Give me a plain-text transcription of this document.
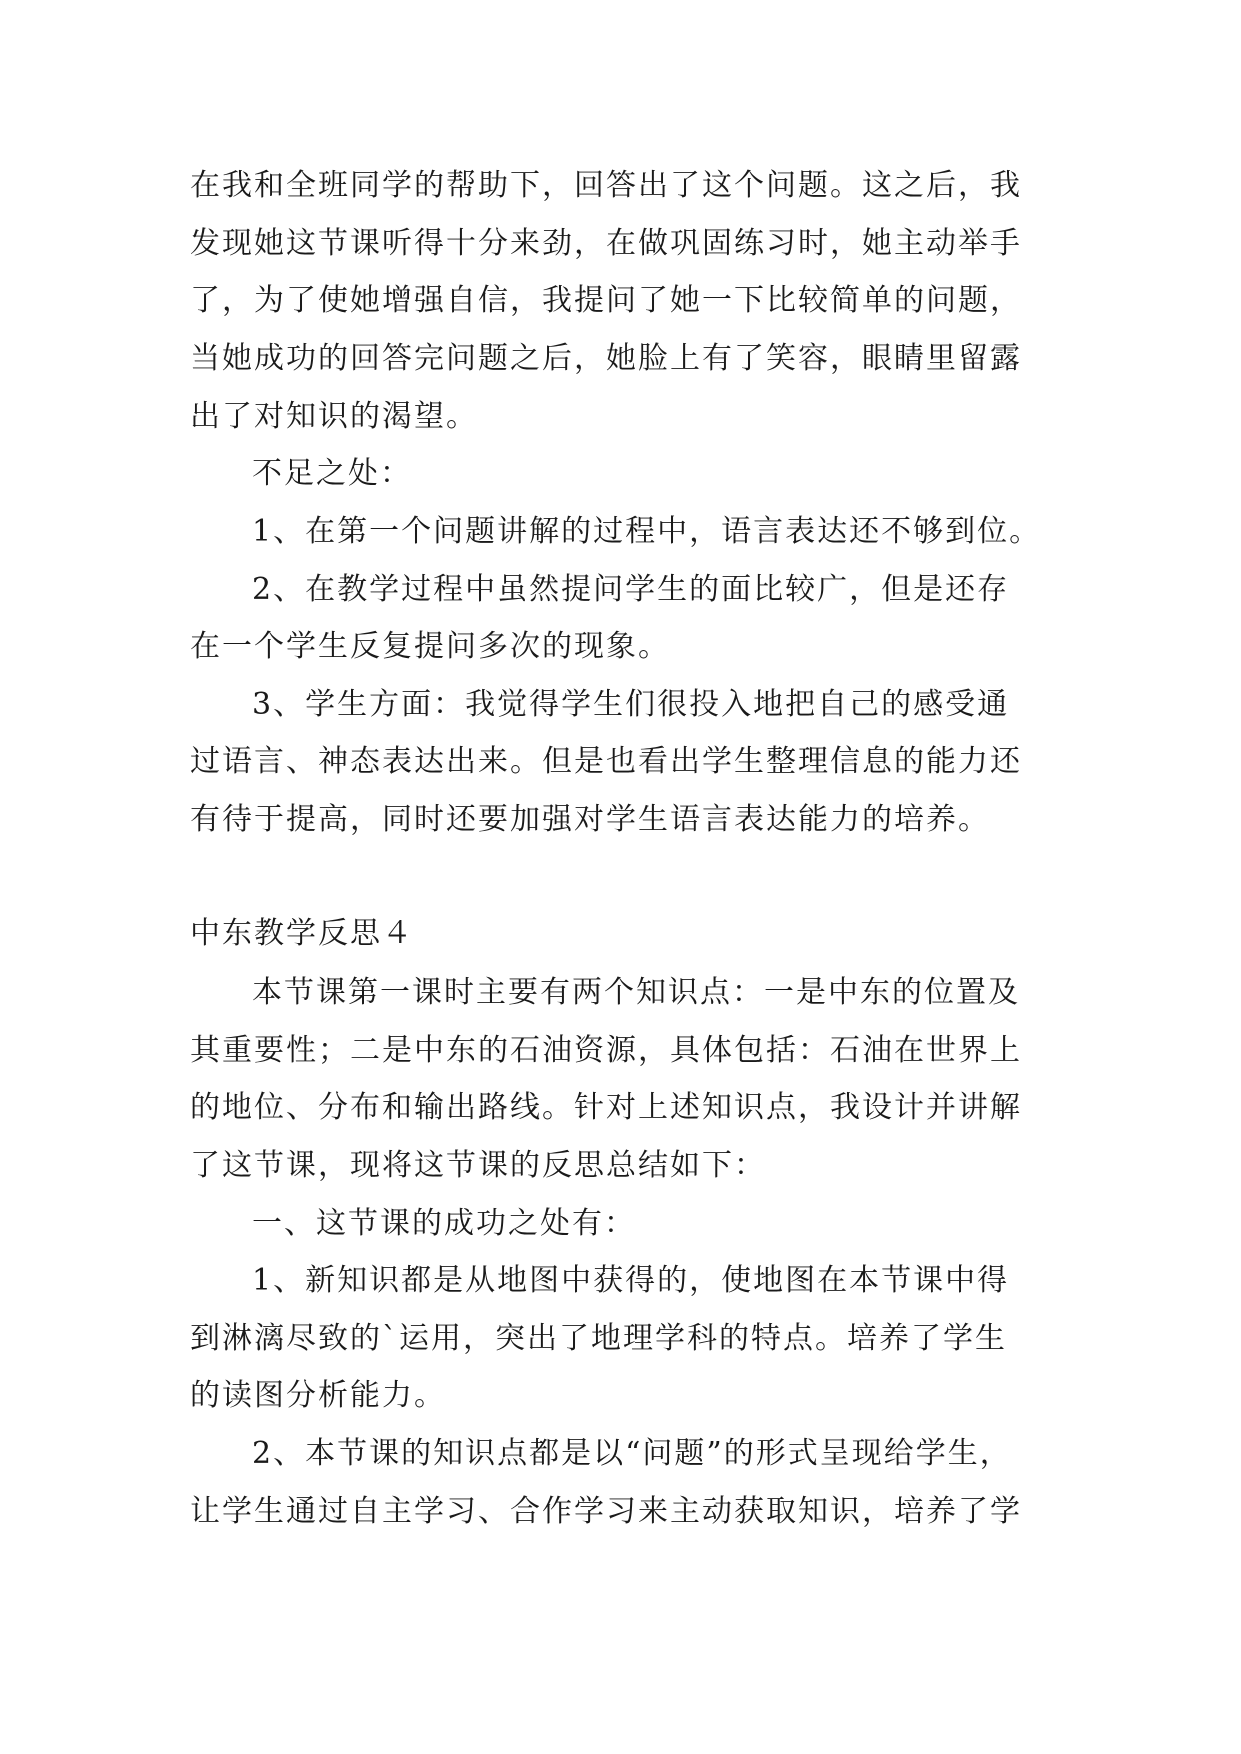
在我和全班同学的帮助下，回答出了这个问题。这之后，我
发现她这节课听得十分来劲，在做巩固练习时，她主动举手
了，为了使她增强自信，我提问了她一下比较简单的问题，
当她成功的回答完问题之后，她脸上有了笑容，眼睛里留露
出了对知识的渴望。
不足之处：
1、在第一个问题讲解的过程中，语言表达还不够到位。
2、在教学过程中虽然提问学生的面比较广，但是还存
在一个学生反复提问多次的现象。
3、学生方面：我觉得学生们很投入地把自己的感受通
过语言、神态表达出来。但是也看出学生整理信息的能力还
有待于提高，同时还要加强对学生语言表达能力的培养。
中东教学反思４
本节课第一课时主要有两个知识点：一是中东的位置及
其重要性；二是中东的石油资源，具体包括：石油在世界上
的地位、分布和输出路线。针对上述知识点，我设计并讲解
了这节课，现将这节课的反思总结如下：
一、这节课的成功之处有：
1、新知识都是从地图中获得的，使地图在本节课中得
到淋漓尽致的`运用，突出了地理学科的特点。培养了学生
的读图分析能力。
2、本节课的知识点都是以“问题”的形式呈现给学生，
让学生通过自主学习、合作学习来主动获取知识，培养了学
